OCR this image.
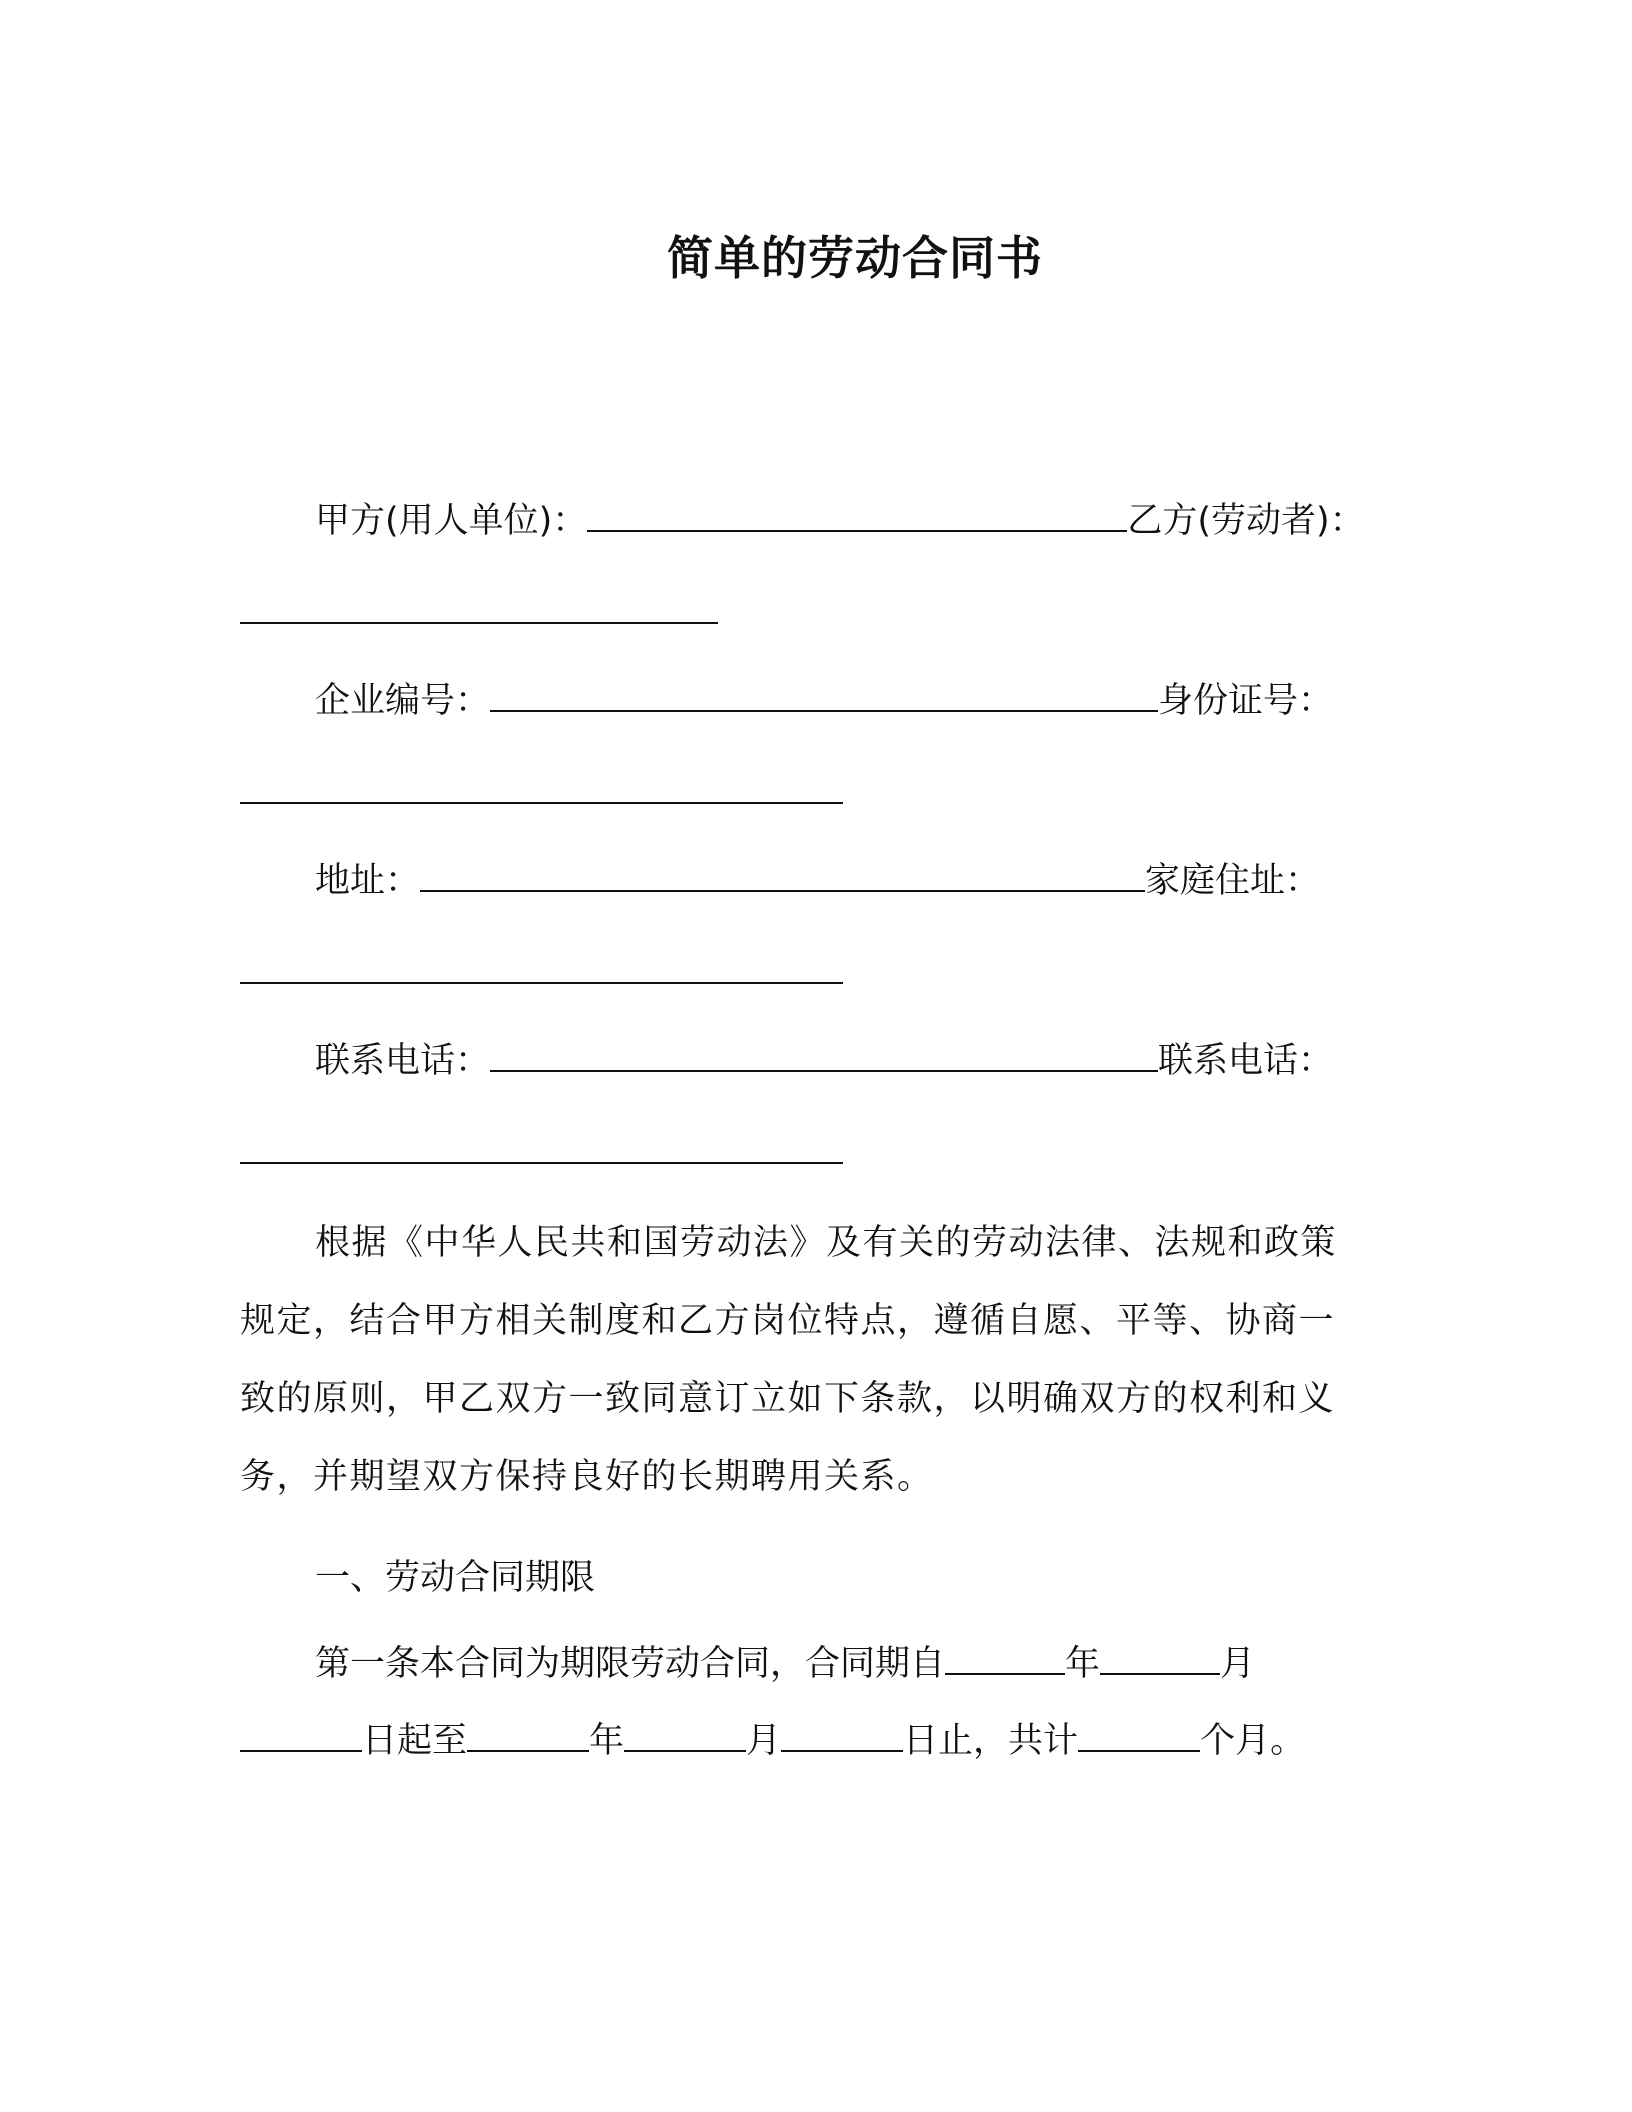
简单的劳动合同书
甲方(用人单位)：	乙方(劳动者)：
企业编号：	身份证号：
地址：	家庭住址：
联系电话：	联系电话：

根据《中华人民共和国劳动法》及有关的劳动法律、法规和政策规定，结合甲方相关制度和乙方岗位特点，遵循自愿、平等、协商一致的原则，甲乙双方一致同意订立如下条款，以明确双方的权利和义务，并期望双方保持良好的长期聘用关系。

一、劳动合同期限
第一条本合同为期限劳动合同，合同期自	年	月
日起至	年	月	日止，共计	个月。
